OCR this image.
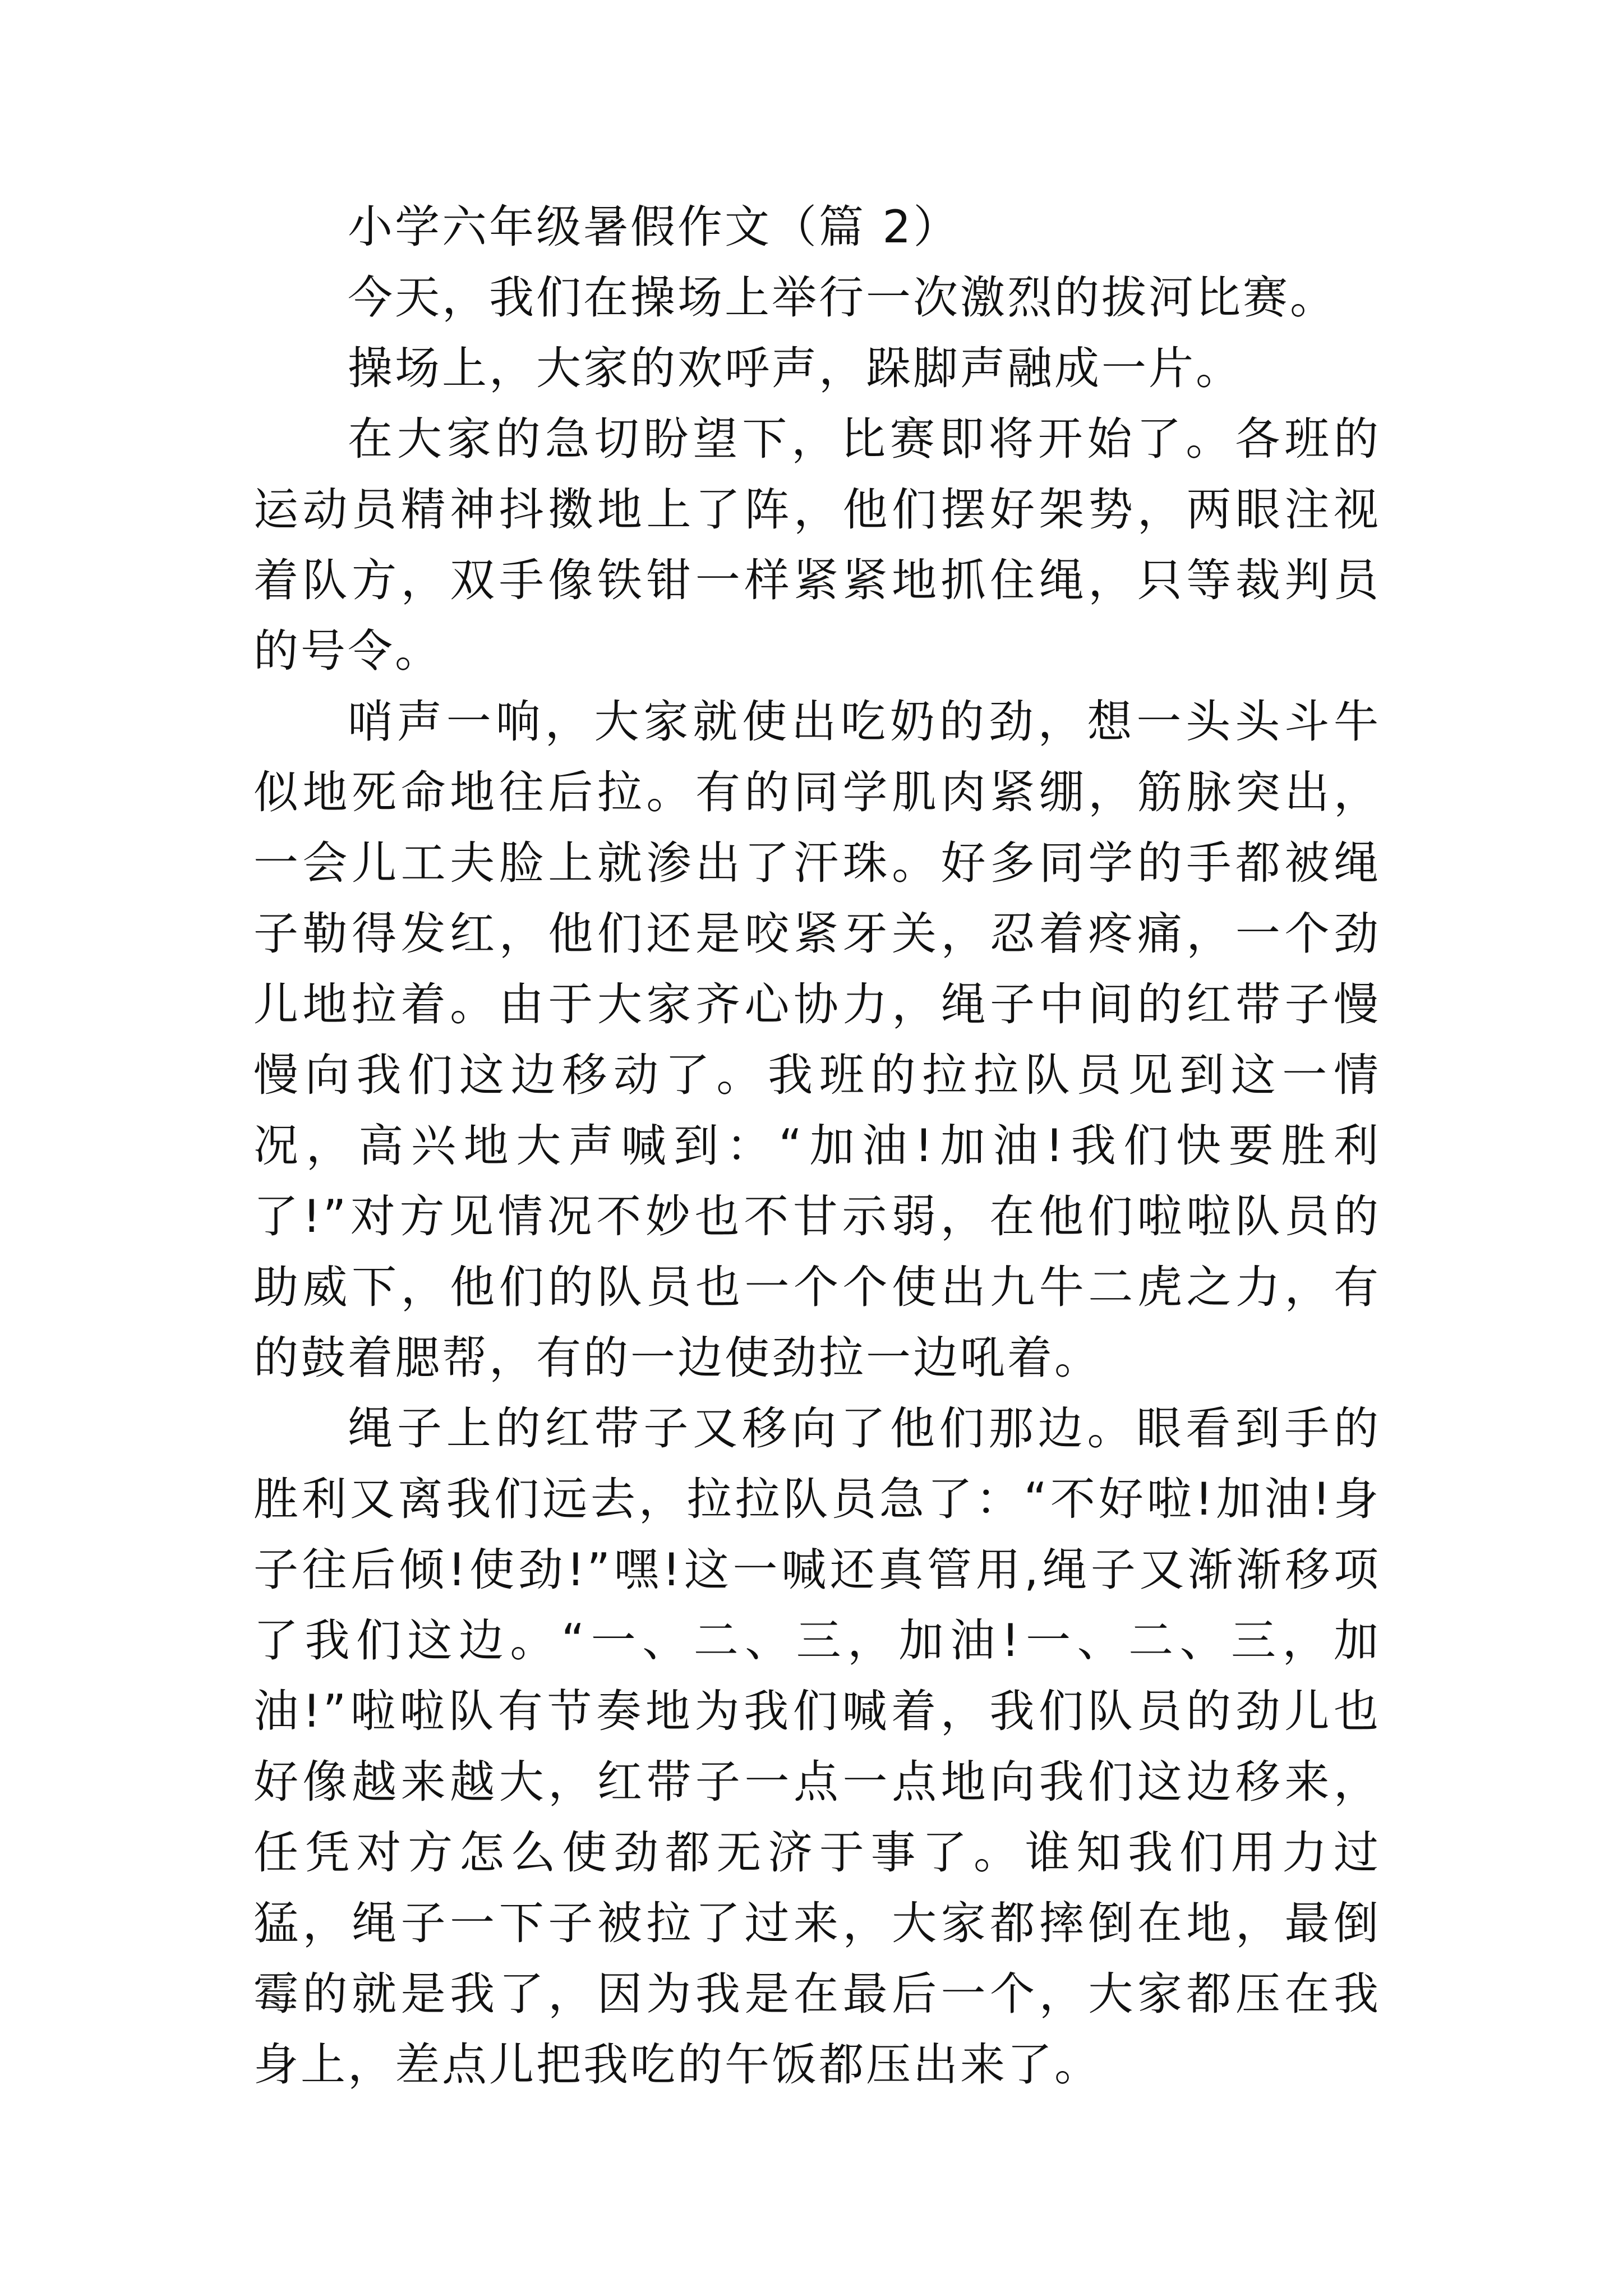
小学六年级暑假作文（篇 2）

今天，我们在操场上举行一次激烈的拔河比赛。

操场上，大家的欢呼声，跺脚声融成一片。

在大家的急切盼望下，比赛即将开始了。各班的运动员精神抖擞地上了阵，他们摆好架势，两眼注视着队方，双手像铁钳一样紧紧地抓住绳，只等裁判员的号令。

哨声一响，大家就使出吃奶的劲，想一头头斗牛似地死命地往后拉。有的同学肌肉紧绷，筋脉突出，一会儿工夫脸上就渗出了汗珠。好多同学的手都被绳子勒得发红，他们还是咬紧牙关，忍着疼痛，一个劲儿地拉着。由于大家齐心协力，绳子中间的红带子慢慢向我们这边移动了。我班的拉拉队员见到这一情况，高兴地大声喊到：“加油!加油!我们快要胜利了!”对方见情况不妙也不甘示弱，在他们啦啦队员的助威下，他们的队员也一个个使出九牛二虎之力，有的鼓着腮帮，有的一边使劲拉一边吼着。

绳子上的红带子又移向了他们那边。眼看到手的胜利又离我们远去，拉拉队员急了：“不好啦!加油!身子往后倾!使劲!”嘿!这一喊还真管用,绳子又渐渐移项了我们这边。“一、二、三，加油!一、二、三，加油!”啦啦队有节奏地为我们喊着，我们队员的劲儿也好像越来越大，红带子一点一点地向我们这边移来，任凭对方怎么使劲都无济于事了。谁知我们用力过猛，绳子一下子被拉了过来，大家都摔倒在地，最倒霉的就是我了，因为我是在最后一个，大家都压在我身上，差点儿把我吃的午饭都压出来了。
